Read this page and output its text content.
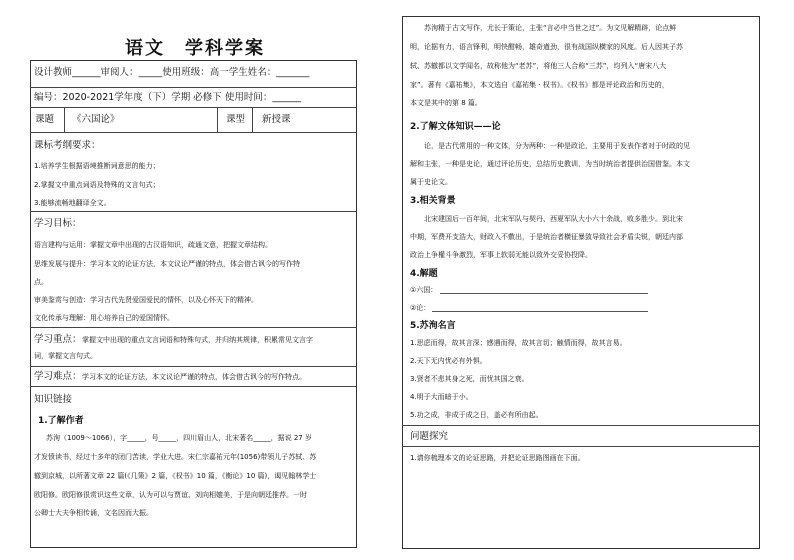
语文　学科学案
设计教师______审阅人：_____使用班级：高一学生姓名：_______
编号：2020-2021学年度（下）学期 必修下 使用时间：______
课题 《六国论》	课型 新授课
课标考纲要求：
1.培养学生根据语境推断词意思的能力；
2.掌握文中重点词语及特殊的文言句式；
3.能够流畅地翻译全文。
学习目标：
语言建构与运用：掌握文章中出现的古汉语知识，疏通文意，把握文章结构。
思维发展与提升：学习本文的论证方法，本文议论严谨的特点，体会借古讽今的写作特
点。
审美鉴赏与创造：学习古代先贤爱国爱民的情怀，以及心怀天下的精神。
文化传承与理解：用心培养自己的爱国情怀。
学习重点： 掌握文中出现的重点文言词语和特殊句式，并归纳其规律，积累常见文言字
词，掌握文言句式。
学习难点： 学习本文的论证方法，本文议论严谨的特点，体会借古讽今的写作特点。
知识链接
1.了解作者
苏洵（1009～1066），字_____，号_____，四川眉山人，北宋著名_____，据说 27 岁
才发愤读书，经过十多年的闭门苦读，学业大进。宋仁宗嘉祐元年(1056)带领儿子苏轼、苏
辙到京城，以所著文章 22 篇(《几策》2 篇，《权书》10 篇，《衡论》10 篇)，谒见翰林学士
欧阳修。欧阳修很赏识这些文章，认为可以与贾谊、刘向相媲美，于是向朝廷推荐。一时
公卿士大夫争相传诵，文名因而大振。
苏洵精于古文写作，尤长于策论，主张“言必中当世之过”。为文见解精辟，论点鲜
明，论据有力，语言锋利，明快酣畅，雄奇遒劲，很有战国纵横家的风度。后人因其子苏
轼、苏辙都以文学闻名，故称他为“老苏”，将他三人合称“三苏”，均列入“唐宋八大
家”。著有《嘉祐集》，本文选自《嘉祐集 · 权书》。《权书》都是评论政治和历史的，
本文是其中的第 8 篇。
2.了解文体知识——论
论，是古代常用的一种文体，分为两种：一种是政论，主要用于发表作者对于时政的见
解和主张，一种是史论，通过评论历史，总结历史教训，为当时统治者提供治国借鉴。本文
属于史论文。
3.相关背景
北宋建国后一百年间，北宋军队与契丹、西夏军队大小六十余战，败多胜少。到北宋
中期，军费开支浩大，财政入不敷出，于是统治者横征暴敛导致社会矛盾尖锐，朝廷内部
政治上争權斗争激烈，军事上软弱无能以致外交妥协投降。
4.解题
①六国：
②论：
5.苏洵名言
1.思虑而得，故其言深；感遇而得，故其言切；触情而得，故其言易。
2.天下无内忧必有外惧。
3.贤者不悲其身之死，而忧其国之衰。
4.明于大而暗于小。
5.功之成，非成于成之日，盖必有所由起。
问题探究
1.请你梳理本文的论证思路，并把论证思路图画在下面。
